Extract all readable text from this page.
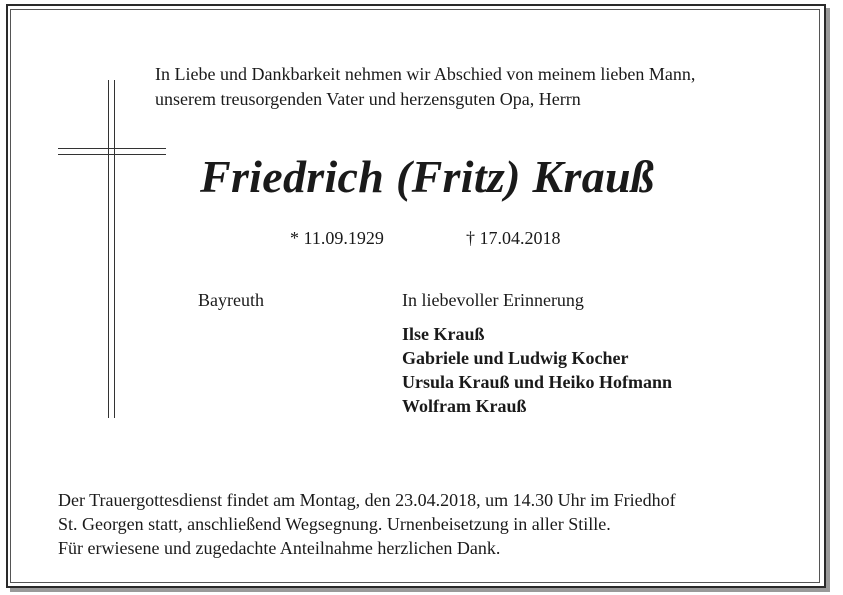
In Liebe und Dankbarkeit nehmen wir Abschied von meinem lieben Mann,
unserem treusorgenden Vater und herzensguten Opa, Herrn
Friedrich (Fritz) Krauß
* 11.09.1929	† 17.04.2018
Bayreuth	In liebevoller Erinnerung
Ilse Krauß
Gabriele und Ludwig Kocher
Ursula Krauß und Heiko Hofmann
Wolfram Krauß
Der Trauergottesdienst findet am Montag, den 23.04.2018, um 14.30 Uhr im Friedhof
St. Georgen statt, anschließend Wegsegnung. Urnenbeisetzung in aller Stille.
Für erwiesene und zugedachte Anteilnahme herzlichen Dank.
